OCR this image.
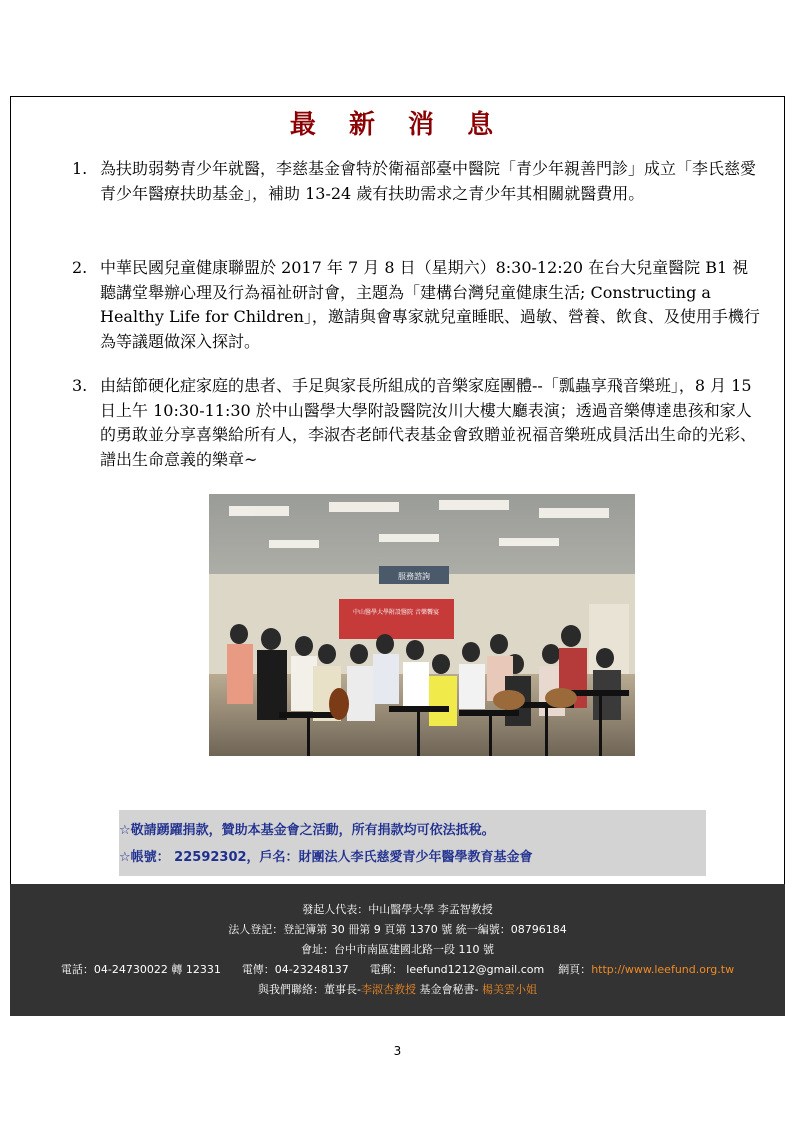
最 新 消 息
1. 為扶助弱勢青少年就醫，李慈基金會特於衛福部臺中醫院「青少年親善門診」成立「李氏慈愛青少年醫療扶助基金」，補助 13-24 歲有扶助需求之青少年其相關就醫費用。
2. 中華民國兒童健康聯盟於 2017 年 7 月 8 日（星期六）8:30-12:20 在台大兒童醫院 B1 視聽講堂舉辦心理及行為福祉研討會，主題為「建構台灣兒童健康生活; Constructing a Healthy Life for Children」，邀請與會專家就兒童睡眠、過敏、營養、飲食、及使用手機行為等議題做深入探討。
3. 由結節硬化症家庭的患者、手足與家長所組成的音樂家庭團體--「瓢蟲享飛音樂班」，8 月 15 日上午 10:30-11:30 於中山醫學大學附設醫院汝川大樓大廳表演；透過音樂傳達患孩和家人的勇敢並分享喜樂給所有人，李淑杏老師代表基金會致贈並祝福音樂班成員活出生命的光彩、譜出生命意義的樂章~
服務諮詢
中山醫學大學附設醫院 音樂饗宴
☆敬請踴躍捐款，贊助本基金會之活動，所有捐款均可依法抵稅。
☆帳號： 22592302，戶名：財團法人李氏慈愛青少年醫學教育基金會
發起人代表：中山醫學大學 李孟智教授
法人登記：登記簿第 30 冊第 9 頁第 1370 號 統一編號：08796184
會址：台中市南區建國北路一段 110 號
電話：04-24730022 轉 12331 電傳：04-23248137 電郵： leefund1212@gmail.com 網頁：http://www.leefund.org.tw
與我們聯絡：董事長-李淑杏教授 基金會秘書- 楊美雲小姐
3
